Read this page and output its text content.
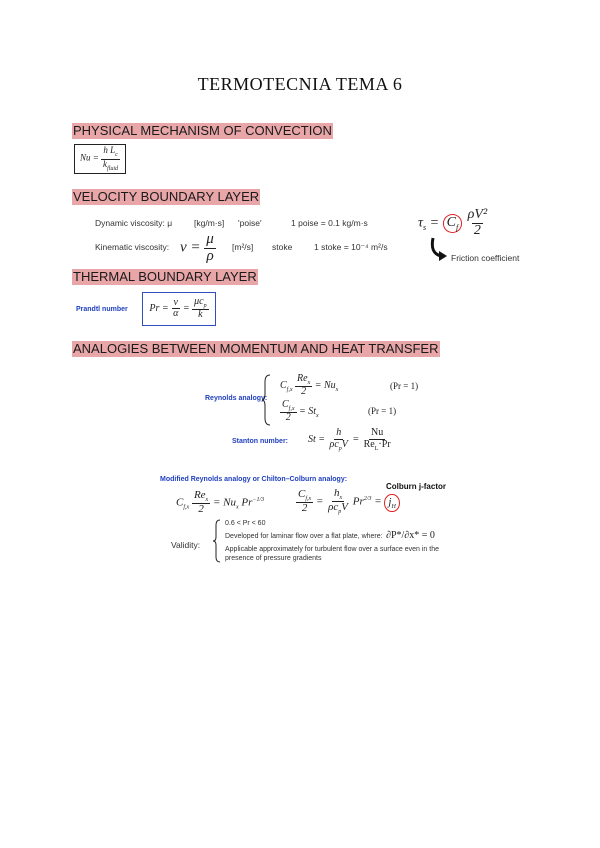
TERMOTECNIA TEMA 6
PHYSICAL MECHANISM OF CONVECTION
$Nu = \frac{h L_c}{k_{fluid}}$
VELOCITY BOUNDARY LAYER
Dynamic viscosity: μ	[kg/m·s] 'poise'	1 poise = 0.1 kg/m·s
Kinematic viscosity: $\nu = \frac{\mu}{\rho} [m^2/s]$ stoke	1 stoke = 10⁻⁴ m²/s
$\tau_s = C_f \frac{\text{ρV²}}{2}$
Friction coefficient
THERMAL BOUNDARY LAYER
Prandtl number $Pr = \frac{\nu}{\alpha} = \frac{\mu c_p}{k}$
ANALOGIES BETWEEN MOMENTUM AND HEAT TRANSFER
Reynolds analogy:
$C_{f,x} \frac{Re_x}{2} = Nu_x$	(Pr = 1)
$\frac{C_{f,x}}{2} = St_x$
(Pr = 1)
Stanton number: $St = \frac{h}{\rho c_pV} = \frac{Nu}{Re_L\cdot Pr}$
Modified Reynolds analogy or Chilton–Colburn analogy:
Colburn j-factor
$C_{f,x} \frac{Re_x}{2} = Nu_x$ $Pr^{-1/3}$	$\frac{C_{f,x}}{2} = \frac{h_x}{\rho c_pV} Pr^{2/3} = j_H$
Validity:
0.6 < Pr < 60
Developed for laminar flow over a flat plate, where: ∂P*/∂x* = 0
Applicable approximately for turbulent flow over a surface even in the presence of pressure gradients
